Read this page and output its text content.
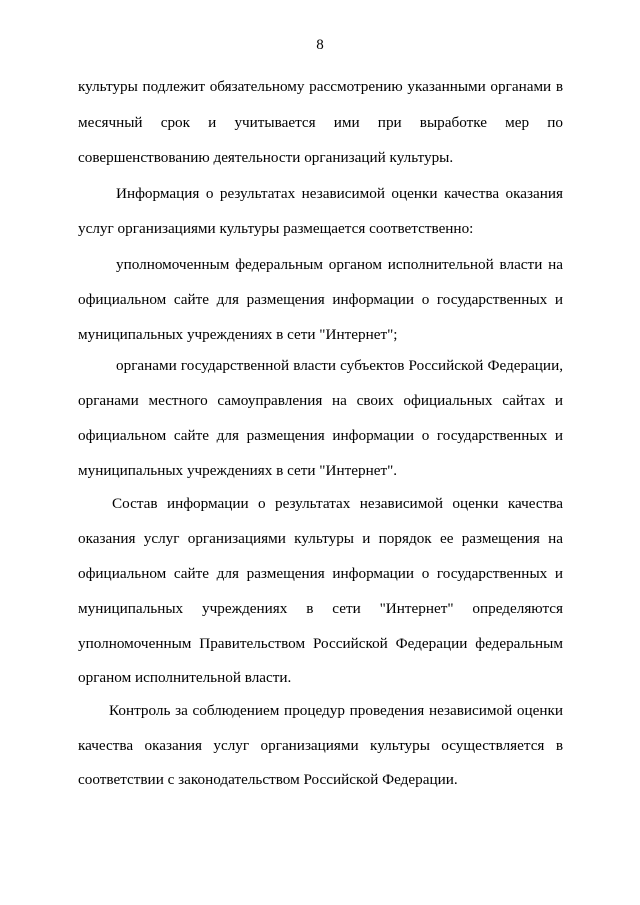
8
культуры подлежит обязательному рассмотрению указанными органами в
месячный срок и учитывается ими при выработке мер по
совершенствованию деятельности организаций культуры.
Информация о результатах независимой оценки качества оказания
услуг организациями культуры размещается соответственно:
уполномоченным федеральным органом исполнительной власти на
официальном сайте для размещения информации о государственных и
муниципальных учреждениях в сети "Интернет";
органами государственной власти субъектов Российской Федерации,
органами местного самоуправления на своих официальных сайтах и
официальном сайте для размещения информации о государственных и
муниципальных учреждениях в сети "Интернет".
Состав информации о результатах независимой оценки качества
оказания услуг организациями культуры и порядок ее размещения на
официальном сайте для размещения информации о государственных и
муниципальных учреждениях в сети "Интернет" определяются
уполномоченным Правительством Российской Федерации федеральным
органом исполнительной власти.
Контроль за соблюдением процедур проведения независимой оценки
качества оказания услуг организациями культуры осуществляется в
соответствии с законодательством Российской Федерации.
